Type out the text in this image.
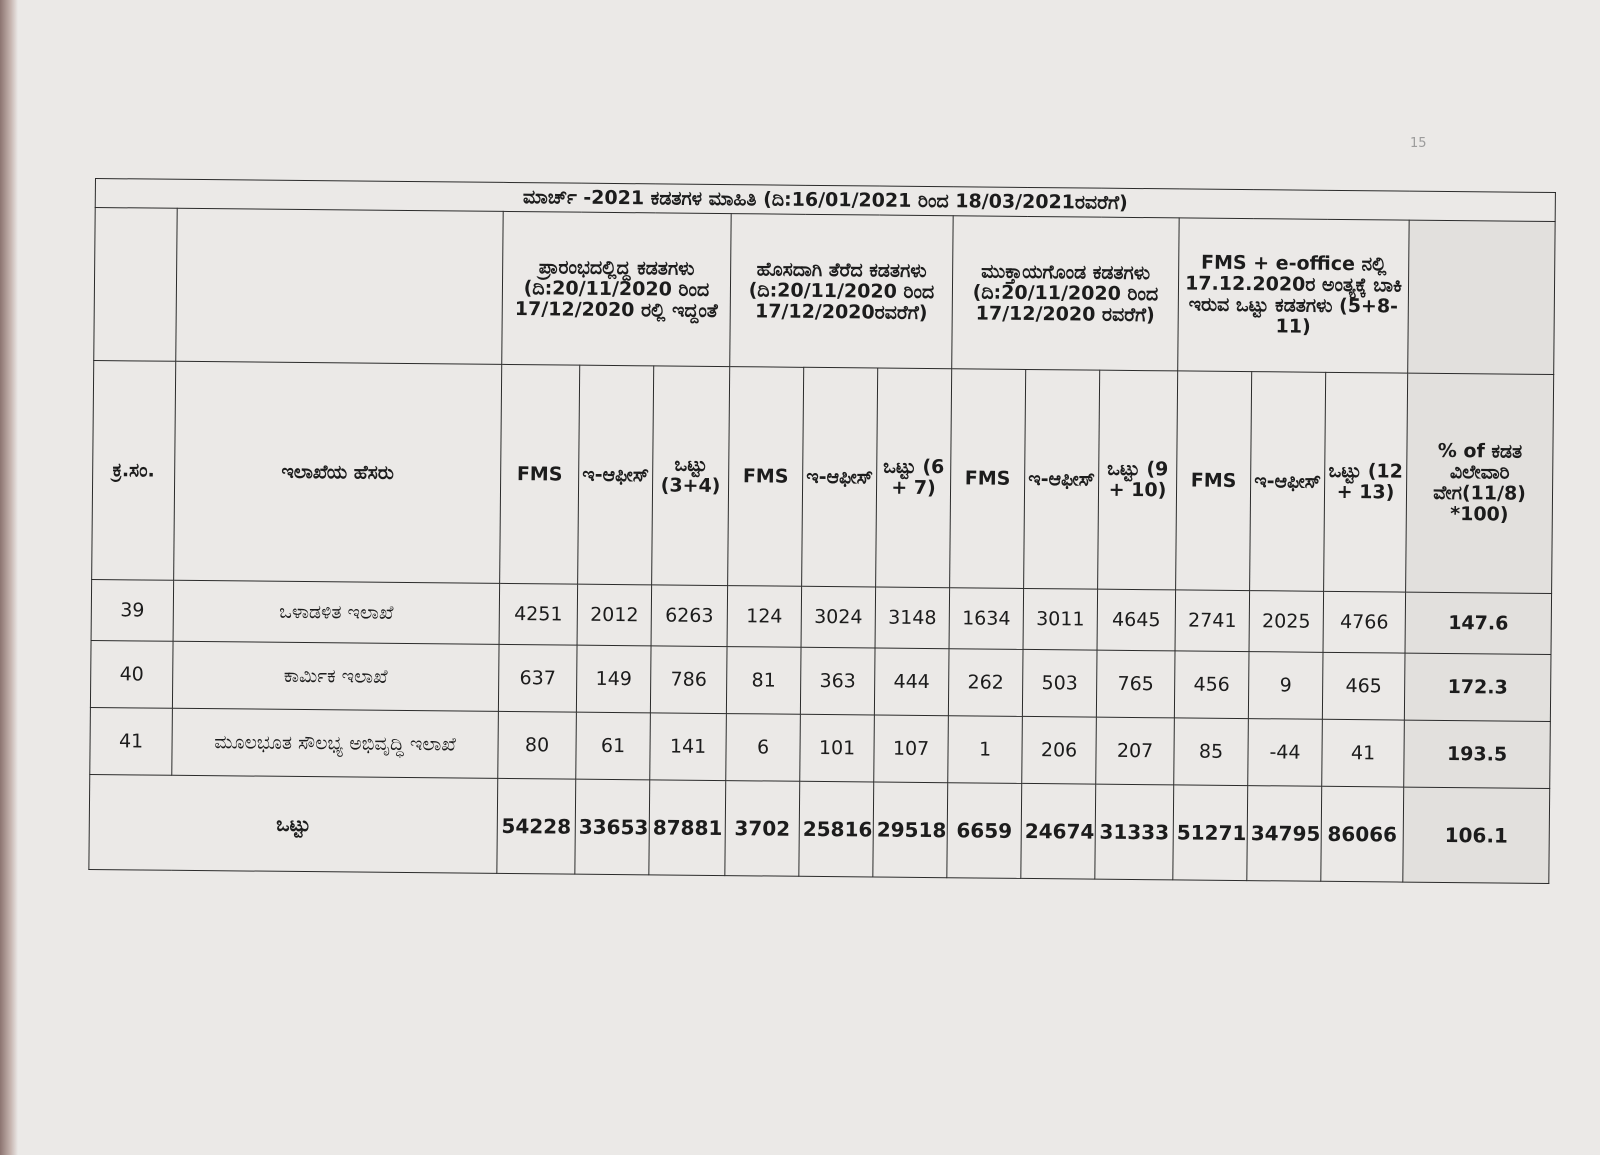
15
ಮಾರ್ಚ್ -2021 ಕಡತಗಳ ಮಾಹಿತಿ (ದಿ:16/01/2021 ರಿಂದ 18/03/2021ರವರೆಗೆ)														
		ಪ್ರಾರಂಭದಲ್ಲಿದ್ದ ಕಡತಗಳು (ದಿ:20/11/2020 ರಿಂದ 17/12/2020 ರಲ್ಲಿ ಇದ್ದಂತೆ			ಹೊಸದಾಗಿ ತೆರೆದ ಕಡತಗಳು (ದಿ:20/11/2020 ರಿಂದ 17/12/2020ರವರೆಗೆ)			ಮುಕ್ತಾಯಗೊಂಡ ಕಡತಗಳು (ದಿ:20/11/2020 ರಿಂದ 17/12/2020 ರವರೆಗೆ)			FMS + e-office ನಲ್ಲಿ 17.12.2020ರ ಅಂತ್ಯಕ್ಕೆ ಬಾಕಿ ಇರುವ ಒಟ್ಟು ಕಡತಗಳು (5+8-11)			
ಕ್ರ.ಸಂ.	ಇಲಾಖೆಯ ಹೆಸರು	FMS	ಇ-ಆಫೀಸ್	ಒಟ್ಟು (3+4)	FMS	ಇ-ಆಫೀಸ್	ಒಟ್ಟು (6 + 7)	FMS	ಇ-ಆಫೀಸ್	ಒಟ್ಟು (9 + 10)	FMS	ಇ-ಆಫೀಸ್	ಒಟ್ಟು (12 + 13)	% of ಕಡತ ವಿಲೇವಾರಿ ವೇಗ(11/8) *100)
39	ಒಳಾಡಳಿತ ಇಲಾಖೆ	4251	2012	6263	124	3024	3148	1634	3011	4645	2741	2025	4766	147.6
40	ಕಾರ್ಮಿಕ ಇಲಾಖೆ	637	149	786	81	363	444	262	503	765	456	9	465	172.3
41	ಮೂಲಭೂತ ಸೌಲಭ್ಯ ಅಭಿವೃದ್ಧಿ ಇಲಾಖೆ	80	61	141	6	101	107	1	206	207	85	-44	41	193.5
ಒಟ್ಟು		54228	33653	87881	3702	25816	29518	6659	24674	31333	51271	34795	86066	106.1
